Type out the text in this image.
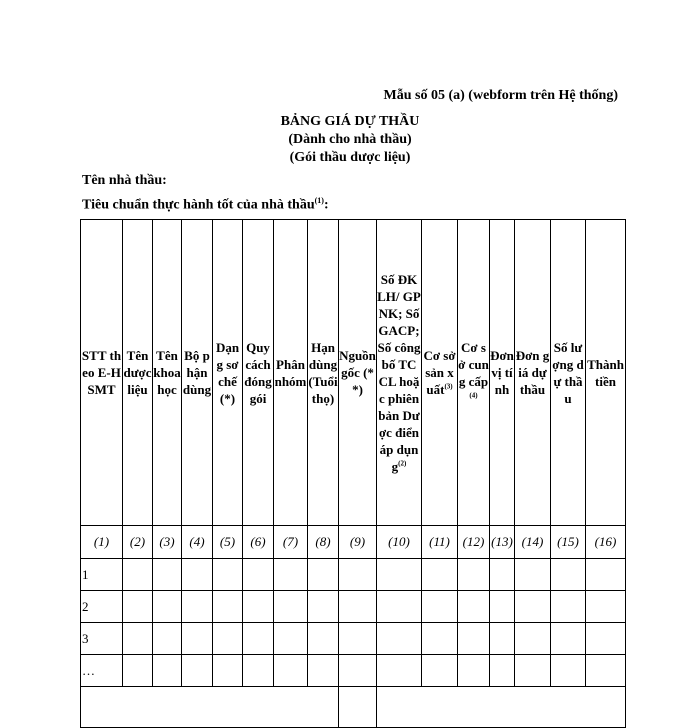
Mẫu số 05 (a) (webform trên Hệ thống)
BẢNG GIÁ DỰ THẦU
(Dành cho nhà thầu)
(Gói thầu dược liệu)
Tên nhà thầu:
Tiêu chuẩn thực hành tốt của nhà thầu$^{(1)}$:
STT theo E-HSMT	Tên dược liệu	Tên khoa học	Bộ phận dùng	Dạng sơ chế (*)	Quy cách đóng gói	Phân nhóm	Hạn dùng (Tuổi thọ)	Nguồn gốc (**)	Số ĐKLH/ GPNK; Số GACP; Số công bố TCCL hoặc phiên bản Dược điển áp dụng$^{(2)}$	Cơ sở sản xuất$^{(3)}$	Cơ sở cung cấp$^{(4)}$	Đơn vị tính	Đơn giá dự thầu	Số lượng dự thầu	Thành tiền
(1)	(2)	(3)	(4)	(5)	(6)	(7)	(8)	(9)	(10)	(11)	(12)	(13)	(14)	(15)	(16)
1															
2															
3															
…															
